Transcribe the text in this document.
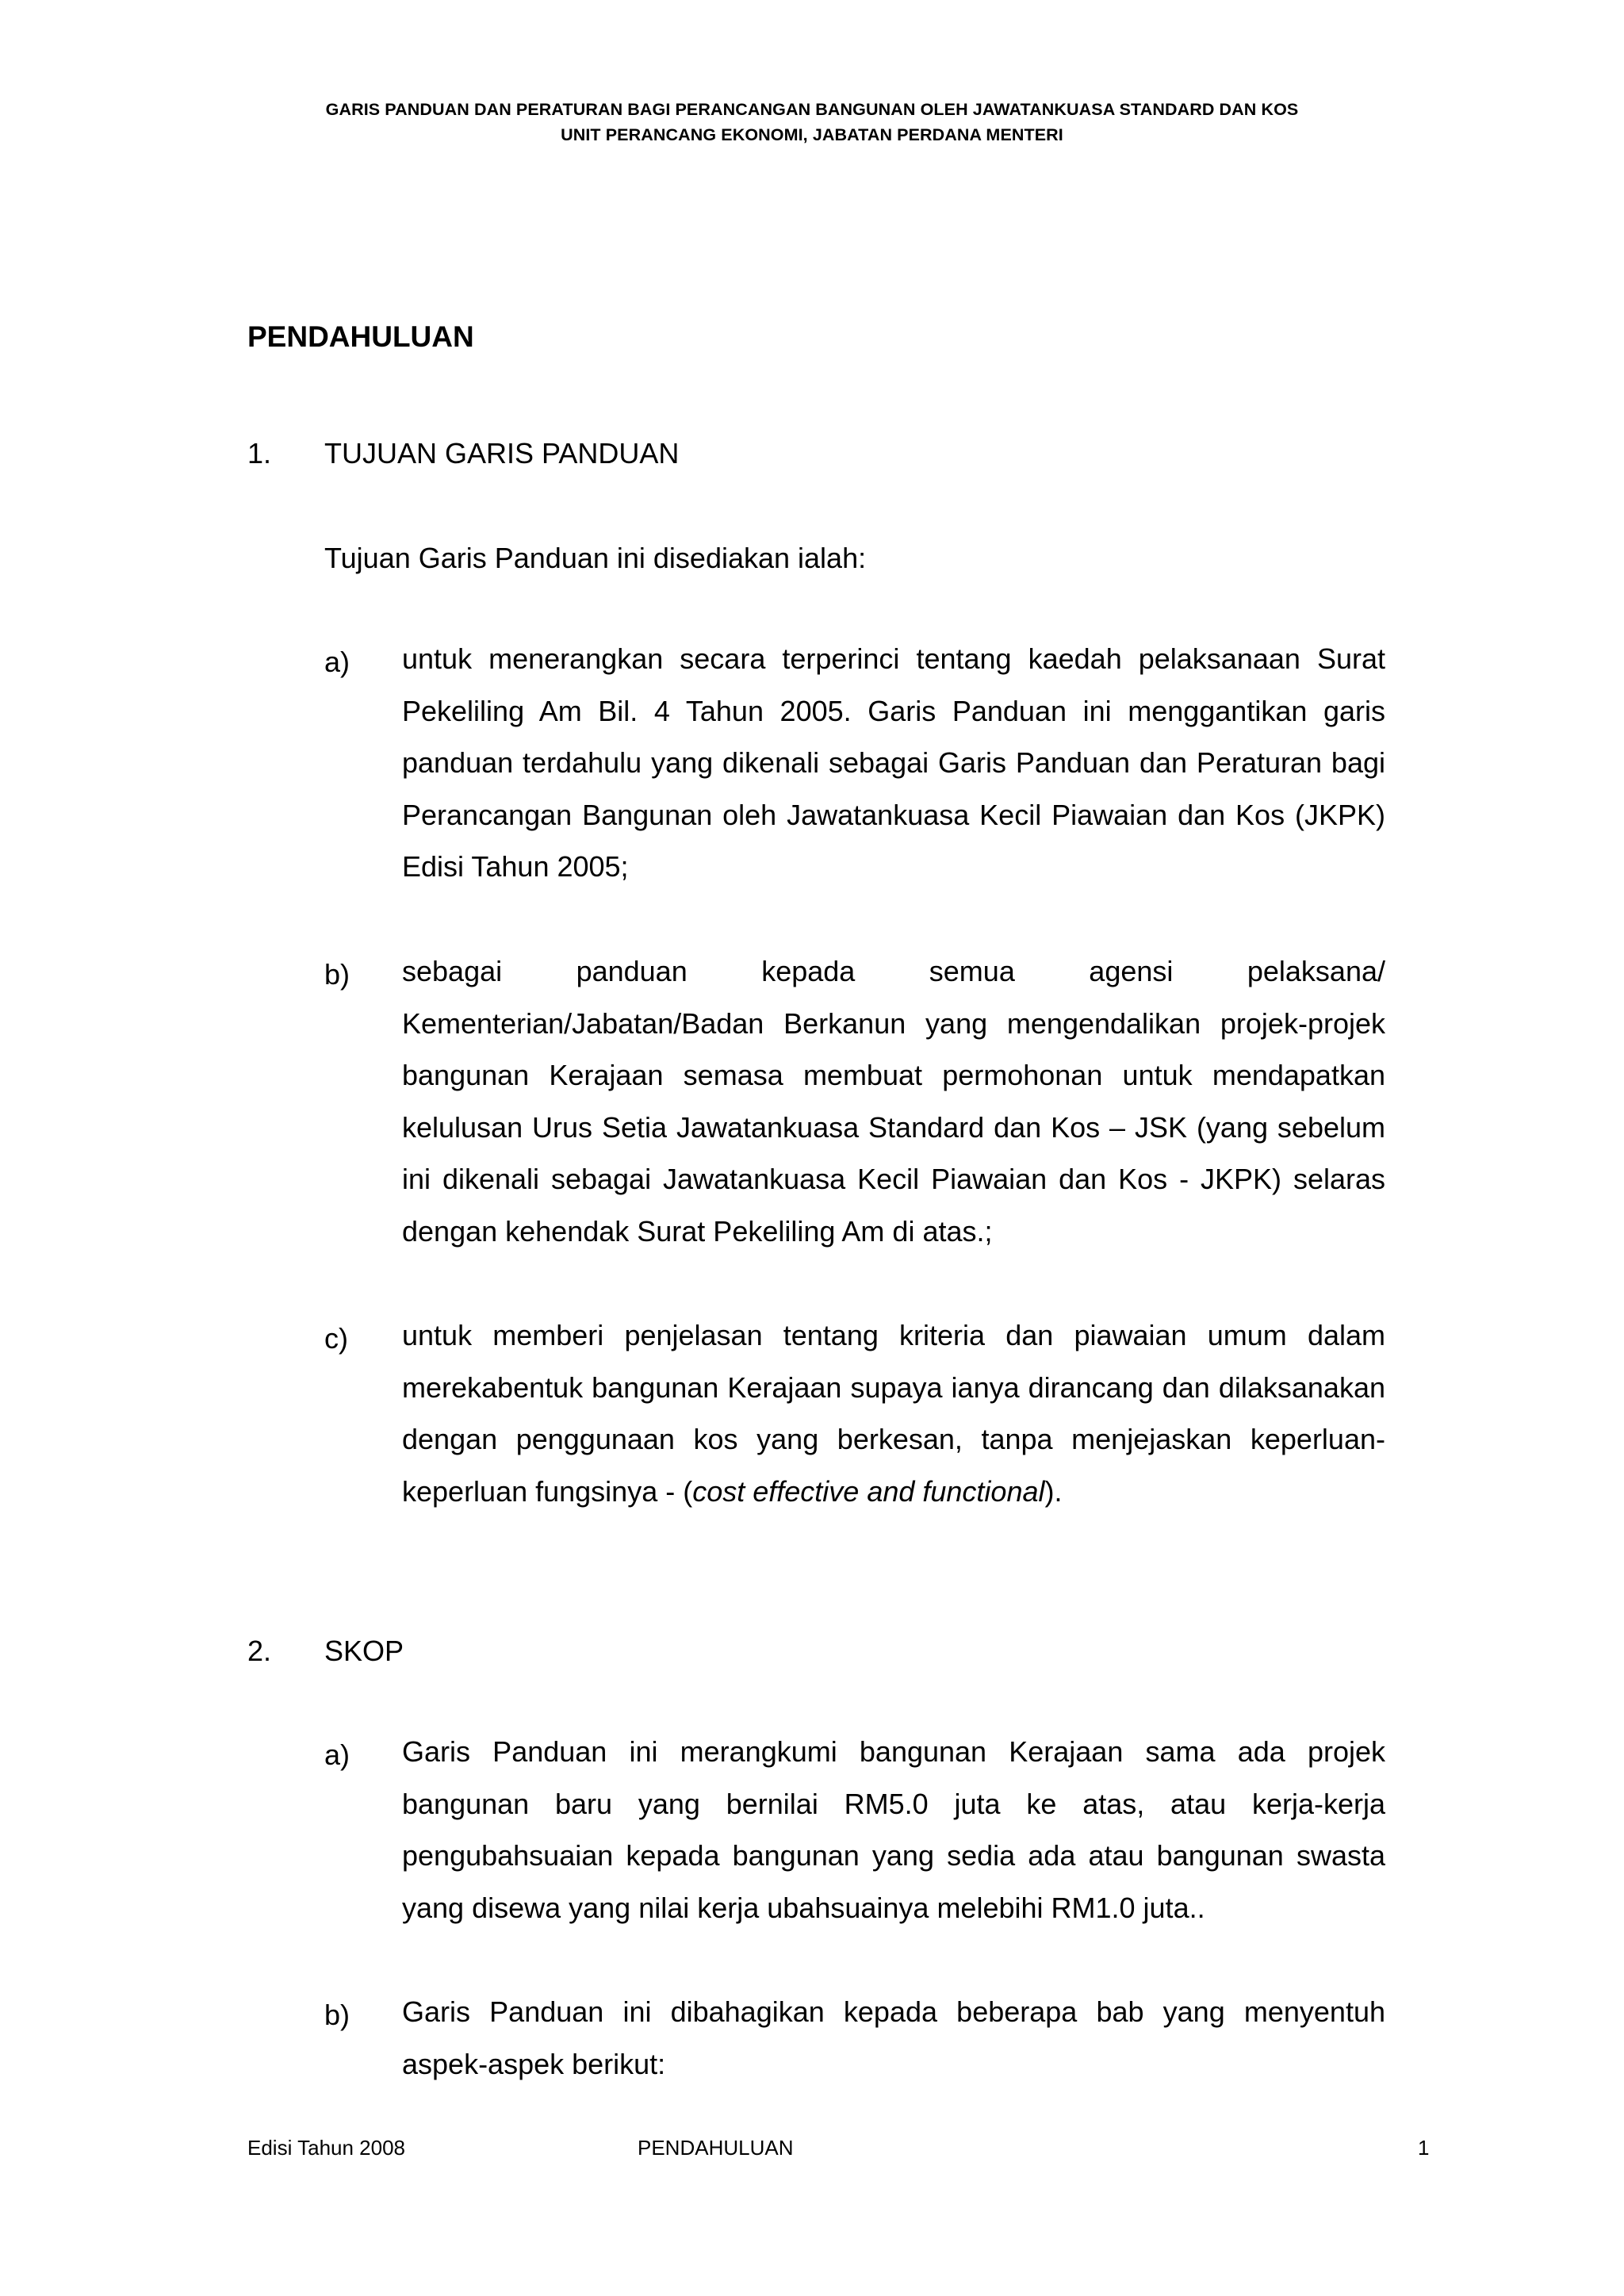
GARIS PANDUAN DAN PERATURAN BAGI PERANCANGAN BANGUNAN OLEH JAWATANKUASA STANDARD DAN KOS
UNIT PERANCANG EKONOMI, JABATAN PERDANA MENTERI
PENDAHULUAN
1. TUJUAN GARIS PANDUAN

Tujuan Garis Panduan ini disediakan ialah:

a) untuk menerangkan secara terperinci tentang kaedah pelaksanaan Surat Pekeliling Am Bil. 4 Tahun 2005. Garis Panduan ini menggantikan garis panduan terdahulu yang dikenali sebagai Garis Panduan dan Peraturan bagi Perancangan Bangunan oleh Jawatankuasa Kecil Piawaian dan Kos (JKPK) Edisi Tahun 2005;

b) sebagai panduan kepada semua agensi pelaksana/ Kementerian/Jabatan/Badan Berkanun yang mengendalikan projek-projek bangunan Kerajaan semasa membuat permohonan untuk mendapatkan kelulusan Urus Setia Jawatankuasa Standard dan Kos – JSK (yang sebelum ini dikenali sebagai Jawatankuasa Kecil Piawaian dan Kos - JKPK) selaras dengan kehendak Surat Pekeliling Am di atas.;

c) untuk memberi penjelasan tentang kriteria dan piawaian umum dalam merekabentuk bangunan Kerajaan supaya ianya dirancang dan dilaksanakan dengan penggunaan kos yang berkesan, tanpa menjejaskan keperluan-keperluan fungsinya - (cost effective and functional).

2. SKOP
a) Garis Panduan ini merangkumi bangunan Kerajaan sama ada projek bangunan baru yang bernilai RM5.0 juta ke atas, atau kerja-kerja pengubahsuaian kepada bangunan yang sedia ada atau bangunan swasta yang disewa yang nilai kerja ubahsuainya melebihi RM1.0 juta..

b) Garis Panduan ini dibahagikan kepada beberapa bab yang menyentuh aspek-aspek berikut:

Edisi Tahun 2008	PENDAHULUAN	1
